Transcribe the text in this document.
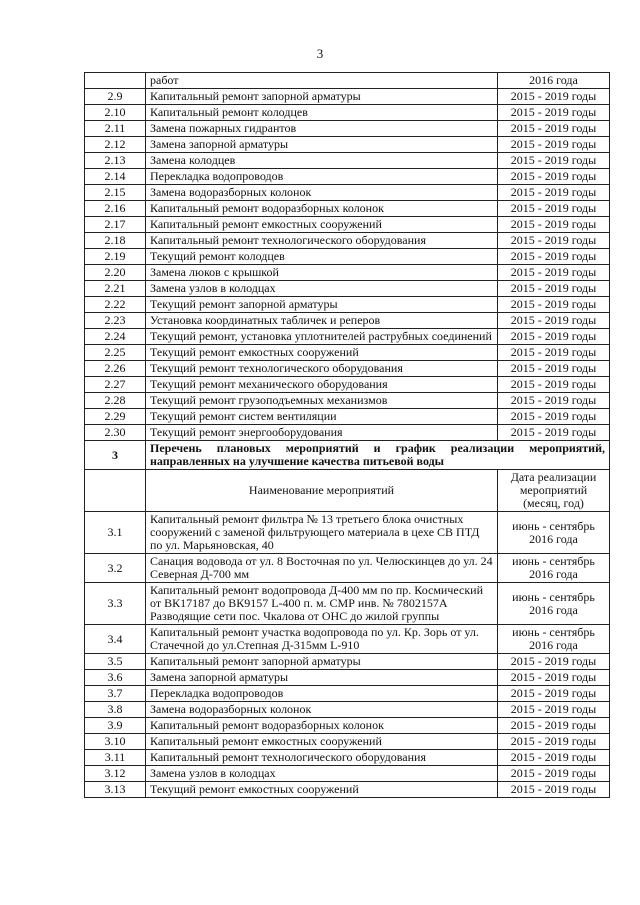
3
	работ	2016 года
2.9	Капитальный ремонт запорной арматуры	2015 - 2019 годы
2.10	Капитальный ремонт колодцев	2015 - 2019 годы
2.11	Замена пожарных гидрантов	2015 - 2019 годы
2.12	Замена запорной арматуры	2015 - 2019 годы
2.13	Замена колодцев	2015 - 2019 годы
2.14	Перекладка водопроводов	2015 - 2019 годы
2.15	Замена водоразборных колонок	2015 - 2019 годы
2.16	Капитальный ремонт водоразборных колонок	2015 - 2019 годы
2.17	Капитальный ремонт емкостных сооружений	2015 - 2019 годы
2.18	Капитальный ремонт технологического оборудования	2015 - 2019 годы
2.19	Текущий ремонт колодцев	2015 - 2019 годы
2.20	Замена люков с крышкой	2015 - 2019 годы
2.21	Замена узлов в колодцах	2015 - 2019 годы
2.22	Текущий ремонт запорной арматуры	2015 - 2019 годы
2.23	Установка координатных табличек и реперов	2015 - 2019 годы
2.24	Текущий ремонт, установка уплотнителей раструбных соединений	2015 - 2019 годы
2.25	Текущий ремонт емкостных сооружений	2015 - 2019 годы
2.26	Текущий ремонт технологического оборудования	2015 - 2019 годы
2.27	Текущий ремонт механического оборудования	2015 - 2019 годы
2.28	Текущий ремонт грузоподъемных механизмов	2015 - 2019 годы
2.29	Текущий ремонт систем вентиляции	2015 - 2019 годы
2.30	Текущий ремонт энергооборудования	2015 - 2019 годы
3	Перечень плановых мероприятий и график реализации мероприятий, направленных на улучшение качества питьевой воды	
	Наименование мероприятий	Дата реализации мероприятий (месяц, год)
3.1	Капитальный ремонт фильтра № 13 третьего блока очистных сооружений с заменой фильтрующего материала в цехе СВ ПТД по ул. Марьяновская, 40	июнь - сентябрь 2016 года
3.2	Санация водовода от ул. 8 Восточная по ул. Челюскинцев до ул. 24 Северная Д-700 мм	июнь - сентябрь 2016 года
3.3	Капитальный ремонт водопровода Д-400 мм по пр. Космический от ВК17187 до ВК9157 L-400 п. м. СМР инв. № 7802157А Разводящие сети пос. Чкалова от ОНС до жилой группы	июнь - сентябрь 2016 года
3.4	Капитальный ремонт участка водопровода по ул. Кр. Зорь от ул. Стачечной до ул.Степная Д-315мм L-910	июнь - сентябрь 2016 года
3.5	Капитальный ремонт запорной арматуры	2015 - 2019 годы
3.6	Замена запорной арматуры	2015 - 2019 годы
3.7	Перекладка водопроводов	2015 - 2019 годы
3.8	Замена водоразборных колонок	2015 - 2019 годы
3.9	Капитальный ремонт водоразборных колонок	2015 - 2019 годы
3.10	Капитальный ремонт емкостных сооружений	2015 - 2019 годы
3.11	Капитальный ремонт технологического оборудования	2015 - 2019 годы
3.12	Замена узлов в колодцах	2015 - 2019 годы
3.13	Текущий ремонт емкостных сооружений	2015 - 2019 годы
